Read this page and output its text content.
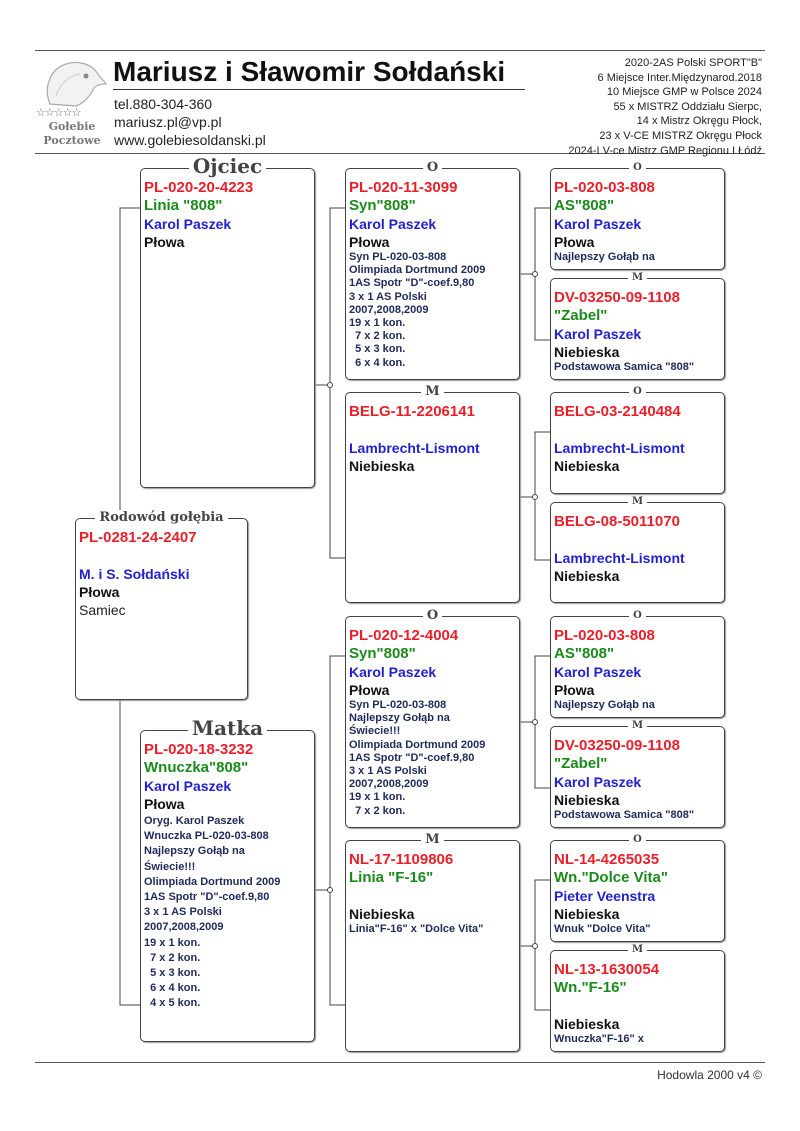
☆☆☆☆☆
Gołebie
Pocztowe
Mariusz i Sławomir Sołdański
tel.880-304-360
mariusz.pl@vp.pl
www.golebiesoldanski.pl
2020-2AS Polski SPORT"B"
6 Miejsce Inter.Międzynarod.2018
10 Miejsce GMP w Polsce 2024
55 x MISTRZ Oddziału Sierpc,
14 x Mistrz Okręgu Płock,
23 x V-CE MISTRZ Okręgu Płock
2024-I V-ce Mistrz GMP Regionu I Łódź
Rodowód gołębia
PL-0281-24-2407
M. i S. Sołdański
Płowa
Samiec
Ojciec
PL-020-20-4223
Linia "808"
Karol Paszek
Płowa
Matka
PL-020-18-3232
Wnuczka"808"
Karol Paszek
Płowa
Oryg. Karol Paszek
Wnuczka PL-020-03-808
Najlepszy Gołąb na
Świecie!!!
Olimpiada Dortmund 2009
1AS Spotr "D"-coef.9,80
3 x 1 AS Polski
2007,2008,2009
19 x 1 kon.
7 x 2 kon.
5 x 3 kon.
6 x 4 kon.
4 x 5 kon.
O
PL-020-11-3099
Syn"808"
Karol Paszek
Płowa
Syn PL-020-03-808
Olimpiada Dortmund 2009
1AS Spotr "D"-coef.9,80
3 x 1 AS Polski
2007,2008,2009
19 x 1 kon.
7 x 2 kon.
5 x 3 kon.
6 x 4 kon.
M
BELG-11-2206141
Lambrecht-Lismont
Niebieska
O
PL-020-12-4004
Syn"808"
Karol Paszek
Płowa
Syn PL-020-03-808
Najlepszy Gołąb na
Świecie!!!
Olimpiada Dortmund 2009
1AS Spotr "D"-coef.9,80
3 x 1 AS Polski
2007,2008,2009
19 x 1 kon.
7 x 2 kon.
M
NL-17-1109806
Linia "F-16"
Niebieska
Linia"F-16" x "Dolce Vita"
O
PL-020-03-808
AS"808"
Karol Paszek
Płowa
Najlepszy Gołąb na
M
DV-03250-09-1108
"Zabel"
Karol Paszek
Niebieska
Podstawowa Samica "808"
O
BELG-03-2140484
Lambrecht-Lismont
Niebieska
M
BELG-08-5011070
Lambrecht-Lismont
Niebieska
O
PL-020-03-808
AS"808"
Karol Paszek
Płowa
Najlepszy Gołąb na
M
DV-03250-09-1108
"Zabel"
Karol Paszek
Niebieska
Podstawowa Samica "808"
O
NL-14-4265035
Wn."Dolce Vita"
Pieter Veenstra
Niebieska
Wnuk "Dolce Vita"
M
NL-13-1630054
Wn."F-16"
Niebieska
Wnuczka"F-16" x
Hodowla 2000 v4 ©
